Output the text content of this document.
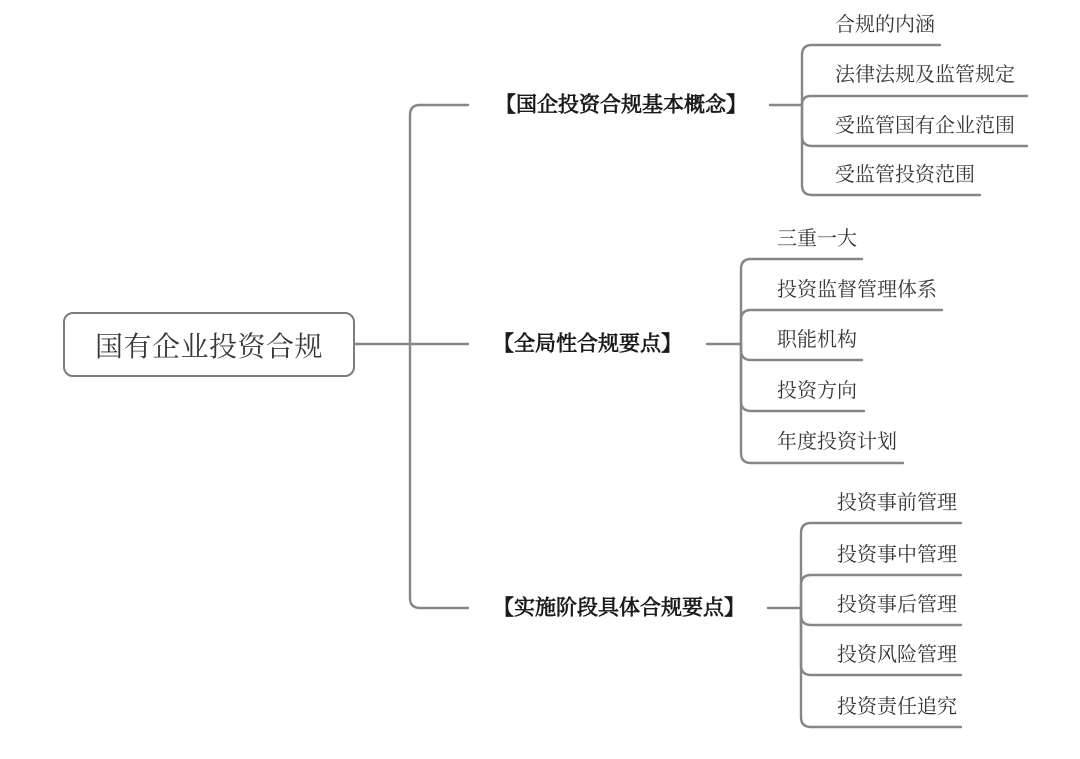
国有企业投资合规
【国企投资合规基本概念】
【全局性合规要点】
【实施阶段具体合规要点】
合规的内涵
法律法规及监管规定
受监管国有企业范围
受监管投资范围
三重一大
投资监督管理体系
职能机构
投资方向
年度投资计划
投资事前管理
投资事中管理
投资事后管理
投资风险管理
投资责任追究
